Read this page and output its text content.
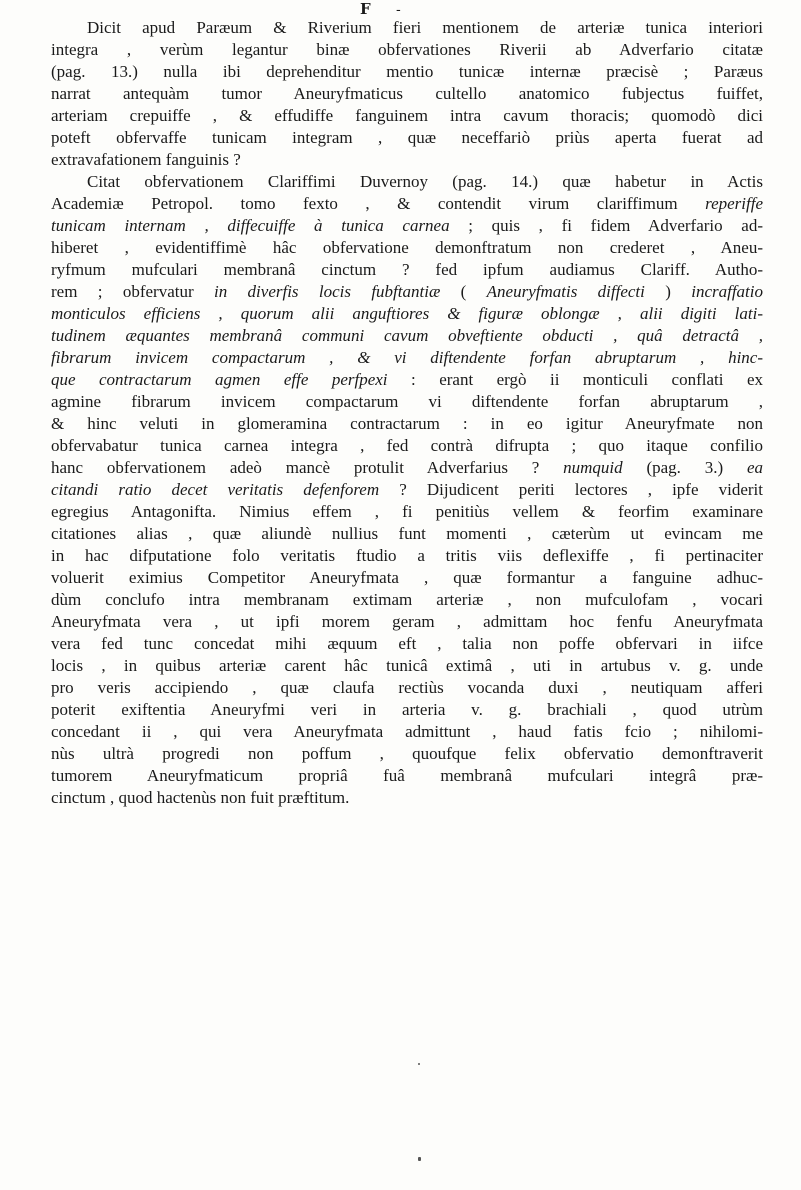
F -

Dicit apud Paræum & Riverium fieri mentionem de arteriæ tunica interiori
integra , verùm legantur binæ obfervationes Riverii ab Adverfario citatæ
(pag. 13.) nulla ibi deprehenditur mentio tunicæ internæ præcisè ; Paræus
narrat antequàm tumor Aneuryfmaticus cultello anatomico fubjectus fuiffet,
arteriam crepuiffe , & effudiffe fanguinem intra cavum thoracis; quomodò dici
poteft obfervaffe tunicam integram , quæ neceffariò priùs aperta fuerat ad
extravafationem fanguinis ?

Citat obfervationem Clariffimi Duvernoy (pag. 14.) quæ habetur in Actis
Academiæ Petropol. tomo fexto , & contendit virum clariffimum reperiffe
tunicam internam , diffecuiffe à tunica carnea ; quis , fi fidem Adverfario ad-
hiberet , evidentiffimè hâc obfervatione demonftratum non crederet , Aneu-
ryfmum mufculari membranâ cinctum ? fed ipfum audiamus Clariff. Autho-
rem ; obfervatur in diverfis locis fubftantiæ ( Aneuryfmatis diffecti ) incraffatio
monticulos efficiens , quorum alii anguftiores & figuræ oblongæ , alii digiti lati-
tudinem æquantes membranâ communi cavum obveftiente obducti , quâ detractâ ,
fibrarum invicem compactarum , & vi diftendente forfan abruptarum , hinc-
que contractarum agmen effe perfpexi : erant ergò ii monticuli conflati ex
agmine fibrarum invicem compactarum vi diftendente forfan abruptarum ,
& hinc veluti in glomeramina contractarum : in eo igitur Aneuryfmate non
obfervabatur tunica carnea integra , fed contrà difrupta ; quo itaque confilio
hanc obfervationem adeò mancè protulit Adverfarius ? numquid (pag. 3.) ea
citandi ratio decet veritatis defenforem ? Dijudicent periti lectores , ipfe viderit
egregius Antagonifta. Nimius effem , fi penitiùs vellem & feorfim examinare
citationes alias , quæ aliundè nullius funt momenti , cæterùm ut evincam me
in hac difputatione folo veritatis ftudio a tritis viis deflexiffe , fi pertinaciter
voluerit eximius Competitor Aneuryfmata , quæ formantur a fanguine adhuc-
dùm conclufo intra membranam extimam arteriæ , non mufculofam , vocari
Aneuryfmata vera , ut ipfi morem geram , admittam hoc fenfu Aneuryfmata
vera fed tunc concedat mihi æquum eft , talia non poffe obfervari in iifce
locis , in quibus arteriæ carent hâc tunicâ extimâ , uti in artubus v. g. unde
pro veris accipiendo , quæ claufa rectiùs vocanda duxi , neutiquam afferi
poterit exiftentia Aneuryfmi veri in arteria v. g. brachiali , quod utrùm
concedant ii , qui vera Aneuryfmata admittunt , haud fatis fcio ; nihilomi-
nùs ultrà progredi non poffum , quoufque felix obfervatio demonftraverit
tumorem Aneuryfmaticum propriâ fuâ membranâ mufculari integrâ præ-
cinctum , quod hactenùs non fuit præftitum.
